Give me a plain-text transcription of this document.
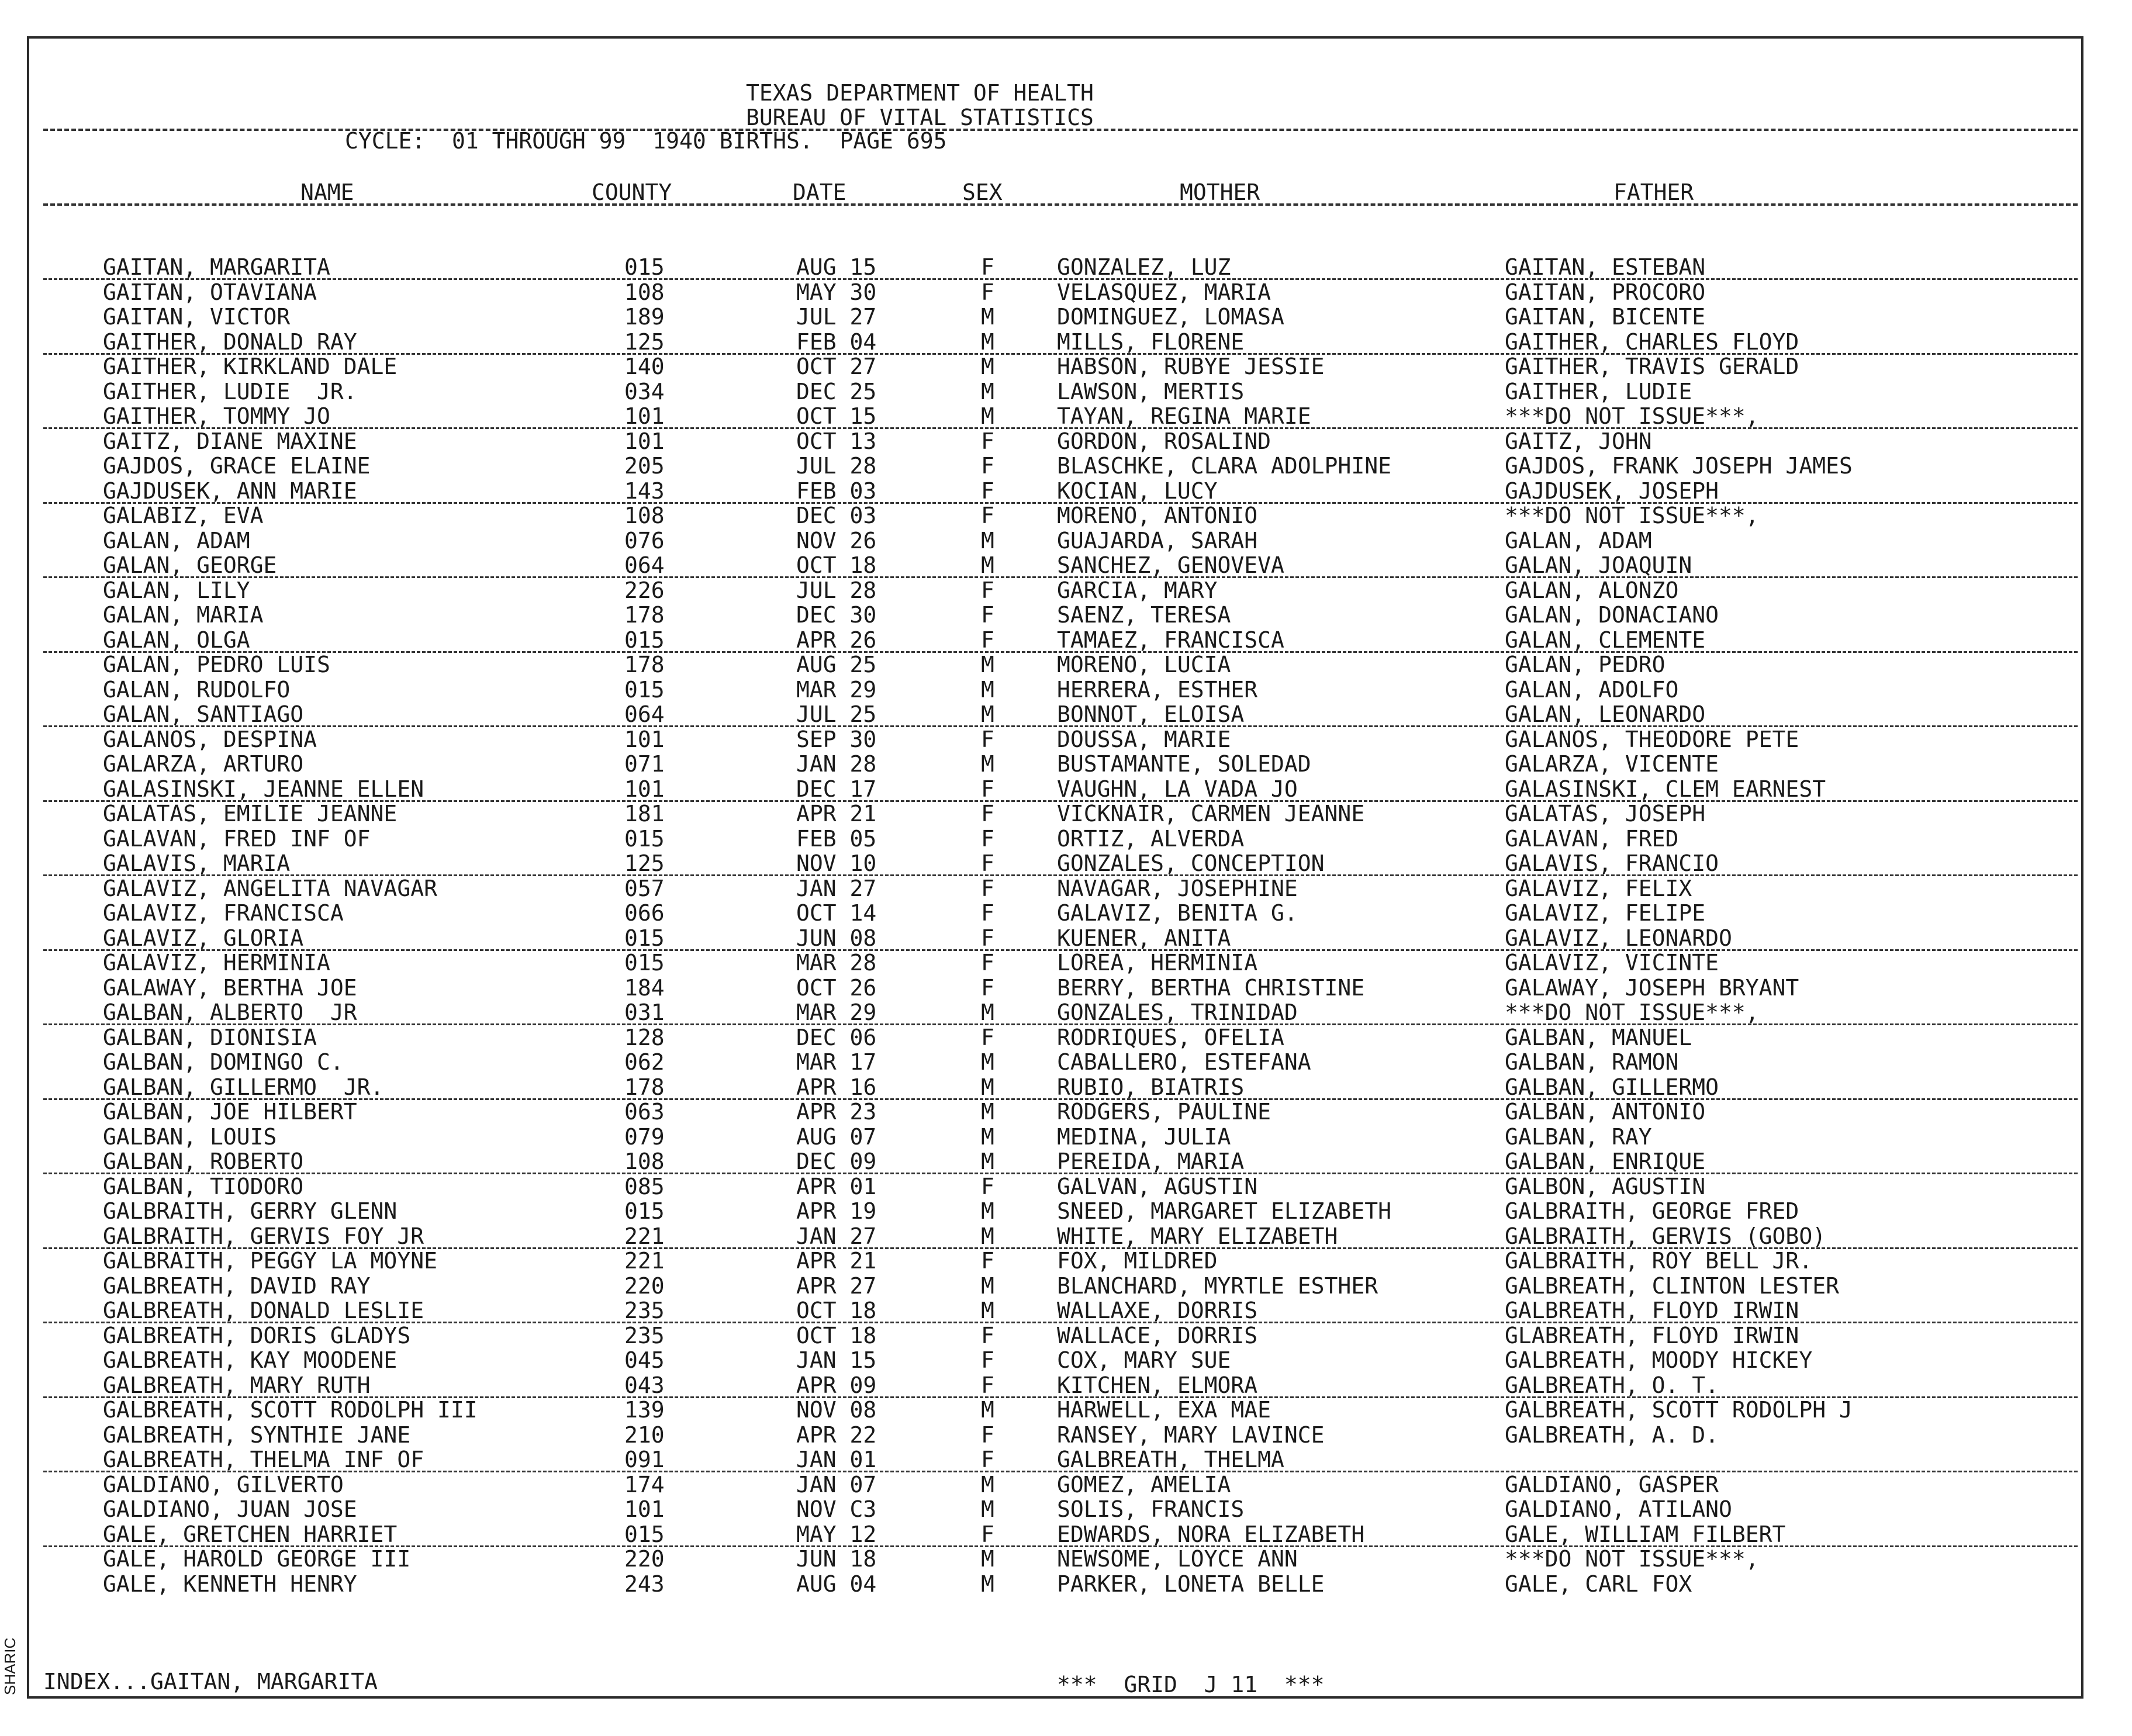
TEXAS DEPARTMENT OF HEALTH
BUREAU OF VITAL STATISTICS
CYCLE:  01 THROUGH 99  1940 BIRTHS.  PAGE 695
NAME	COUNTY	DATE	SEX	MOTHER	FATHER
GAITAN, MARGARITA	015	AUG 15	F	GONZALEZ, LUZ	GAITAN, ESTEBAN
GAITAN, OTAVIANA	108	MAY 30	F	VELASQUEZ, MARIA	GAITAN, PROCORO
GAITAN, VICTOR	189	JUL 27	M	DOMINGUEZ, LOMASA	GAITAN, BICENTE
GAITHER, DONALD RAY	125	FEB 04	M	MILLS, FLORENE	GAITHER, CHARLES FLOYD
GAITHER, KIRKLAND DALE	140	OCT 27	M	HABSON, RUBYE JESSIE	GAITHER, TRAVIS GERALD
GAITHER, LUDIE  JR.	034	DEC 25	M	LAWSON, MERTIS	GAITHER, LUDIE
GAITHER, TOMMY JO	101	OCT 15	M	TAYAN, REGINA MARIE	***DO NOT ISSUE***,
GAITZ, DIANE MAXINE	101	OCT 13	F	GORDON, ROSALIND	GAITZ, JOHN
GAJDOS, GRACE ELAINE	205	JUL 28	F	BLASCHKE, CLARA ADOLPHINE	GAJDOS, FRANK JOSEPH JAMES
GAJDUSEK, ANN MARIE	143	FEB 03	F	KOCIAN, LUCY	GAJDUSEK, JOSEPH
GALABIZ, EVA	108	DEC 03	F	MORENO, ANTONIO	***DO NOT ISSUE***,
GALAN, ADAM	076	NOV 26	M	GUAJARDA, SARAH	GALAN, ADAM
GALAN, GEORGE	064	OCT 18	M	SANCHEZ, GENOVEVA	GALAN, JOAQUIN
GALAN, LILY	226	JUL 28	F	GARCIA, MARY	GALAN, ALONZO
GALAN, MARIA	178	DEC 30	F	SAENZ, TERESA	GALAN, DONACIANO
GALAN, OLGA	015	APR 26	F	TAMAEZ, FRANCISCA	GALAN, CLEMENTE
GALAN, PEDRO LUIS	178	AUG 25	M	MORENO, LUCIA	GALAN, PEDRO
GALAN, RUDOLFO	015	MAR 29	M	HERRERA, ESTHER	GALAN, ADOLFO
GALAN, SANTIAGO	064	JUL 25	M	BONNOT, ELOISA	GALAN, LEONARDO
GALANOS, DESPINA	101	SEP 30	F	DOUSSA, MARIE	GALANOS, THEODORE PETE
GALARZA, ARTURO	071	JAN 28	M	BUSTAMANTE, SOLEDAD	GALARZA, VICENTE
GALASINSKI, JEANNE ELLEN	101	DEC 17	F	VAUGHN, LA VADA JO	GALASINSKI, CLEM EARNEST
GALATAS, EMILIE JEANNE	181	APR 21	F	VICKNAIR, CARMEN JEANNE	GALATAS, JOSEPH
GALAVAN, FRED INF OF	015	FEB 05	F	ORTIZ, ALVERDA	GALAVAN, FRED
GALAVIS, MARIA	125	NOV 10	F	GONZALES, CONCEPTION	GALAVIS, FRANCIO
GALAVIZ, ANGELITA NAVAGAR	057	JAN 27	F	NAVAGAR, JOSEPHINE	GALAVIZ, FELIX
GALAVIZ, FRANCISCA	066	OCT 14	F	GALAVIZ, BENITA G.	GALAVIZ, FELIPE
GALAVIZ, GLORIA	015	JUN 08	F	KUENER, ANITA	GALAVIZ, LEONARDO
GALAVIZ, HERMINIA	015	MAR 28	F	LOREA, HERMINIA	GALAVIZ, VICINTE
GALAWAY, BERTHA JOE	184	OCT 26	F	BERRY, BERTHA CHRISTINE	GALAWAY, JOSEPH BRYANT
GALBAN, ALBERTO  JR	031	MAR 29	M	GONZALES, TRINIDAD	***DO NOT ISSUE***,
GALBAN, DIONISIA	128	DEC 06	F	RODRIQUES, OFELIA	GALBAN, MANUEL
GALBAN, DOMINGO C.	062	MAR 17	M	CABALLERO, ESTEFANA	GALBAN, RAMON
GALBAN, GILLERMO  JR.	178	APR 16	M	RUBIO, BIATRIS	GALBAN, GILLERMO
GALBAN, JOE HILBERT	063	APR 23	M	RODGERS, PAULINE	GALBAN, ANTONIO
GALBAN, LOUIS	079	AUG 07	M	MEDINA, JULIA	GALBAN, RAY
GALBAN, ROBERTO	108	DEC 09	M	PEREIDA, MARIA	GALBAN, ENRIQUE
GALBAN, TIODORO	085	APR 01	F	GALVAN, AGUSTIN	GALBON, AGUSTIN
GALBRAITH, GERRY GLENN	015	APR 19	M	SNEED, MARGARET ELIZABETH	GALBRAITH, GEORGE FRED
GALBRAITH, GERVIS FOY JR	221	JAN 27	M	WHITE, MARY ELIZABETH	GALBRAITH, GERVIS (GOBO)
GALBRAITH, PEGGY LA MOYNE	221	APR 21	F	FOX, MILDRED	GALBRAITH, ROY BELL JR.
GALBREATH, DAVID RAY	220	APR 27	M	BLANCHARD, MYRTLE ESTHER	GALBREATH, CLINTON LESTER
GALBREATH, DONALD LESLIE	235	OCT 18	M	WALLAXE, DORRIS	GALBREATH, FLOYD IRWIN
GALBREATH, DORIS GLADYS	235	OCT 18	F	WALLACE, DORRIS	GLABREATH, FLOYD IRWIN
GALBREATH, KAY MOODENE	045	JAN 15	F	COX, MARY SUE	GALBREATH, MOODY HICKEY
GALBREATH, MARY RUTH	043	APR 09	F	KITCHEN, ELMORA	GALBREATH, O. T.
GALBREATH, SCOTT RODOLPH III	139	NOV 08	M	HARWELL, EXA MAE	GALBREATH, SCOTT RODOLPH J
GALBREATH, SYNTHIE JANE	210	APR 22	F	RANSEY, MARY LAVINCE	GALBREATH, A. D.
GALBREATH, THELMA INF OF	091	JAN 01	F	GALBREATH, THELMA
GALDIANO, GILVERTO	174	JAN 07	M	GOMEZ, AMELIA	GALDIANO, GASPER
GALDIANO, JUAN JOSE	101	NOV C3	M	SOLIS, FRANCIS	GALDIANO, ATILANO
GALE, GRETCHEN HARRIET	015	MAY 12	F	EDWARDS, NORA ELIZABETH	GALE, WILLIAM FILBERT
GALE, HAROLD GEORGE III	220	JUN 18	M	NEWSOME, LOYCE ANN	***DO NOT ISSUE***,
GALE, KENNETH HENRY	243	AUG 04	M	PARKER, LONETA BELLE	GALE, CARL FOX
INDEX...GAITAN, MARGARITA	***  GRID  J 11  ***
SHARIC
